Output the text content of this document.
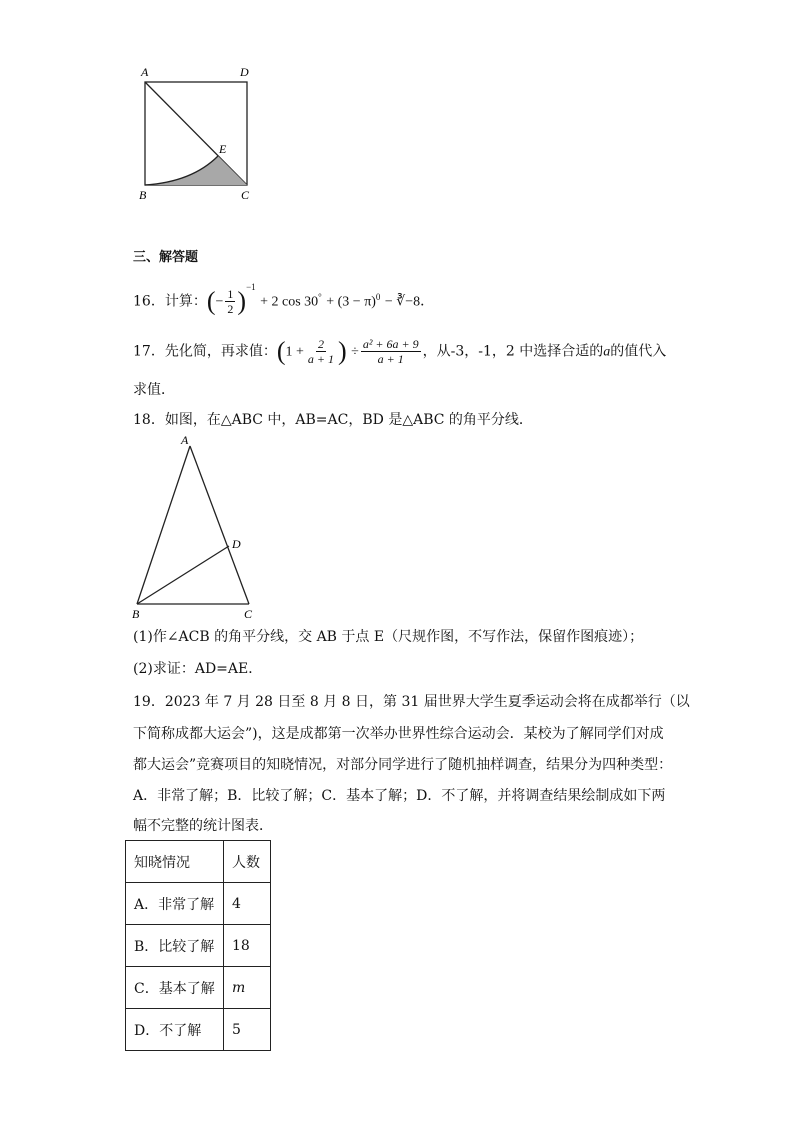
A	D
E
B	C
三、解答题
16．计算：(− $\frac{1}{2} )^{-1} + 2$ $\cos 30^\circ + (3 - \pi)^0$ − ∛−8．
17．先化简，再求值：($1 + \frac{2}{a + 1}$ ) ÷ $\frac{\text{a² + 6a + 9}}{a + 1}$ ，从-3，-1，2 中选择合适的a的值代入
求值．
18．如图，在△ABC 中，AB=AC，BD 是△ABC 的角平分线．
A
D
B	C
(1)作∠ACB 的角平分线，交 AB 于点 E（尺规作图，不写作法，保留作图痕迹）；
(2)求证：AD=AE．
19．2023 年 7 月 28 日至 8 月 8 日，第 31 届世界大学生夏季运动会将在成都举行（以
下简称成都大运会”)，这是成都第一次举办世界性综合运动会．某校为了解同学们对成
都大运会”竞赛项目的知晓情况，对部分同学进行了随机抽样调查，结果分为四种类型：
A．非常了解；B．比较了解；C．基本了解；D．不了解，并将调查结果绘制成如下两
幅不完整的统计图表．
知晓情况	人数
A．非常了解	4
B．比较了解	18
C．基本了解	m
D．不了解	5
